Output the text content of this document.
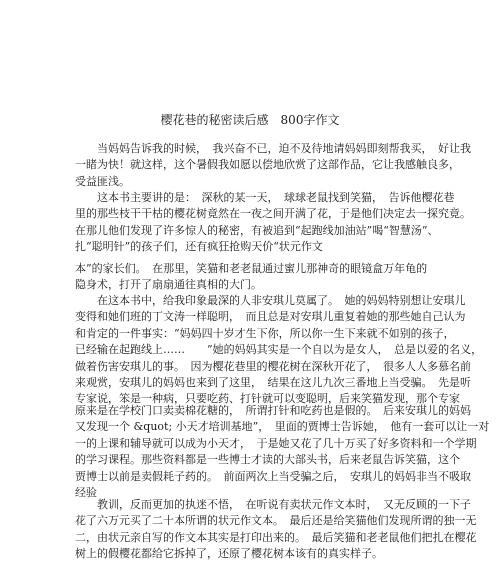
樱花巷的秘密读后感　800字作文
　　当妈妈告诉我的时候，　我兴奋不已，迫不及待地请妈妈即刻帮我买，　好让我
一睹为快！就这样，这个暑假我如愿以偿地欣赏了这部作品，它让我感触良多，
受益匪浅。
　　这本书主要讲的是：　深秋的某一天，　球球老鼠找到笑猫，　告诉他樱花巷
里的那些枝干干枯的樱花树竟然在一夜之间开满了花，于是他们决定去一探究竟。
在那儿他们发现了许多惊人的秘密，有被追到“起跑线加油站”喝“智慧汤”、
扎“聪明针”的孩子们，还有疯狂抢购天价“状元作文
本”的家长们。　在那里，笑猫和老老鼠通过蜜儿那神奇的眼镜盒万年龟的
隐身术，打开了扇扇通往真相的大门。
　　在这本书中，给我印象最深的人非安琪儿莫属了。　她的妈妈特别想让安琪儿
变得和她们班的丁文涛一样聪明，　而且总是对安琪儿重复着她的那些她自己认为
和肯定的一件事实：“妈妈四十岁才生下你，所以你一生下来就不如别的孩子，
已经输在起跑线上……　　”她的妈妈其实是一个自以为是女人，　总是以爱的名义，
做着伤害安琪儿的事。　因为樱花巷里的樱花树在深秋开花了，　很多人人多慕名前
来观赏，安琪儿的妈妈也来到了这里，　结果在这儿九次三番地上当受骗。　先是听
专家说，笨是一种病，只要吃药、打针就可以变聪明，后来笑猫发现，那个专家
原来是在学校门口卖卖棉花糖的，　所谓打针和吃药也是假的。　后来安琪儿的妈妈
又发现一个 &quot; 小天才培训基地”，　里面的贾博士告诉她，　他有一套可以让一对
一的上课和辅导就可以成为小天才，　于是她又花了几十万买了好多资料和一个学期
的学习课程。那些资料都是一些博士才读的大部头书，后来老鼠告诉笑猫，这个
贾博士以前是卖假耗子药的。　前面两次上当受骗之后，　安琪儿的妈妈非当不吸取
经验
　　教训，反而更加的执迷不悟，　在听说有卖状元作文本时，　又无反顾的一下子
花了六万元买了二十本所谓的状元作文本。　最后还是给笑猫他们发现所谓的独一无
二，由状元亲自写的作文本其实是打印出来的。　最后笑猫和老老鼠他们把扎在樱花
树上的假樱花都给它拆掉了，还原了樱花树本该有的真实样子。
